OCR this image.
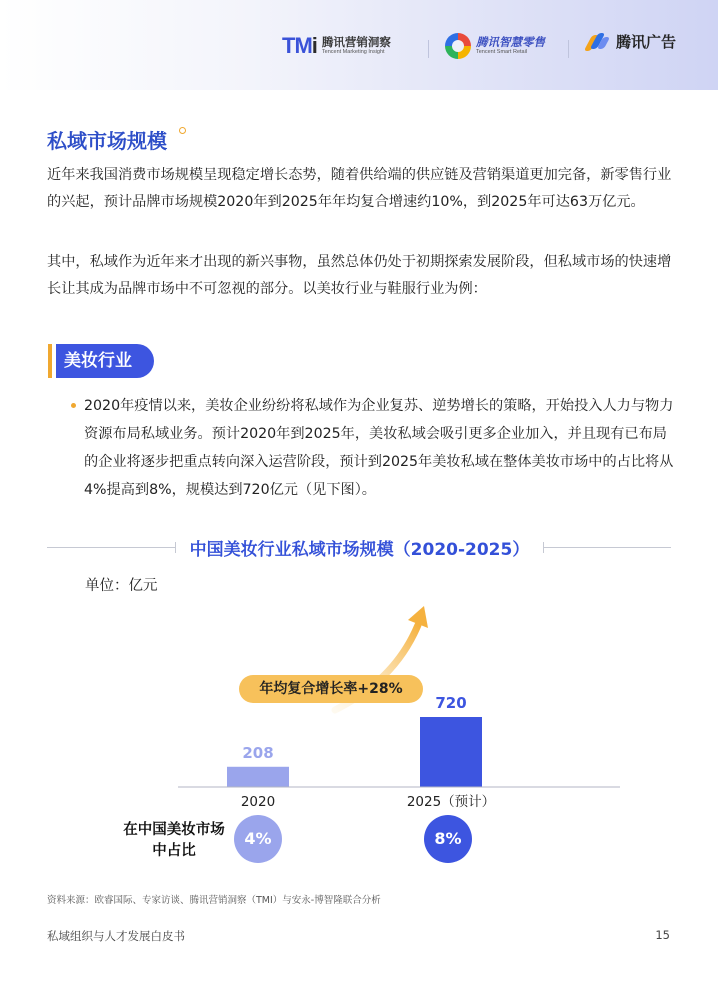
TMi 腾讯营销洞察
Tencent Marketing Insight
腾讯智慧零售
Tencent Smart Retail
腾讯广告
私域市场规模

近年来我国消费市场规模呈现稳定增长态势，随着供给端的供应链及营销渠道更加完备，新零售行业的兴起，预计品牌市场规模2020年到2025年年均复合增速约10%，到2025年可达63万亿元。

其中，私域作为近年来才出现的新兴事物，虽然总体仍处于初期探索发展阶段，但私域市场的快速增长让其成为品牌市场中不可忽视的部分。以美妆行业与鞋服行业为例：

美妆行业

2020年疫情以来，美妆企业纷纷将私域作为企业复苏、逆势增长的策略，开始投入人力与物力资源布局私域业务。预计2020年到2025年，美妆私域会吸引更多企业加入，并且现有已布局的企业将逐步把重点转向深入运营阶段，预计到2025年美妆私域在整体美妆市场中的占比将从4%提高到8%，规模达到720亿元（见下图）。

中国美妆行业私域市场规模（2020-2025）
单位：亿元
208
2020
720
2025（预计）
年均复合增长率+28%
在中国美妆市场中占比
4%	8%
资料来源：欧睿国际、专家访谈、腾讯营销洞察（TMI）与安永-博智隆联合分析
私域组织与人才发展白皮书	15
